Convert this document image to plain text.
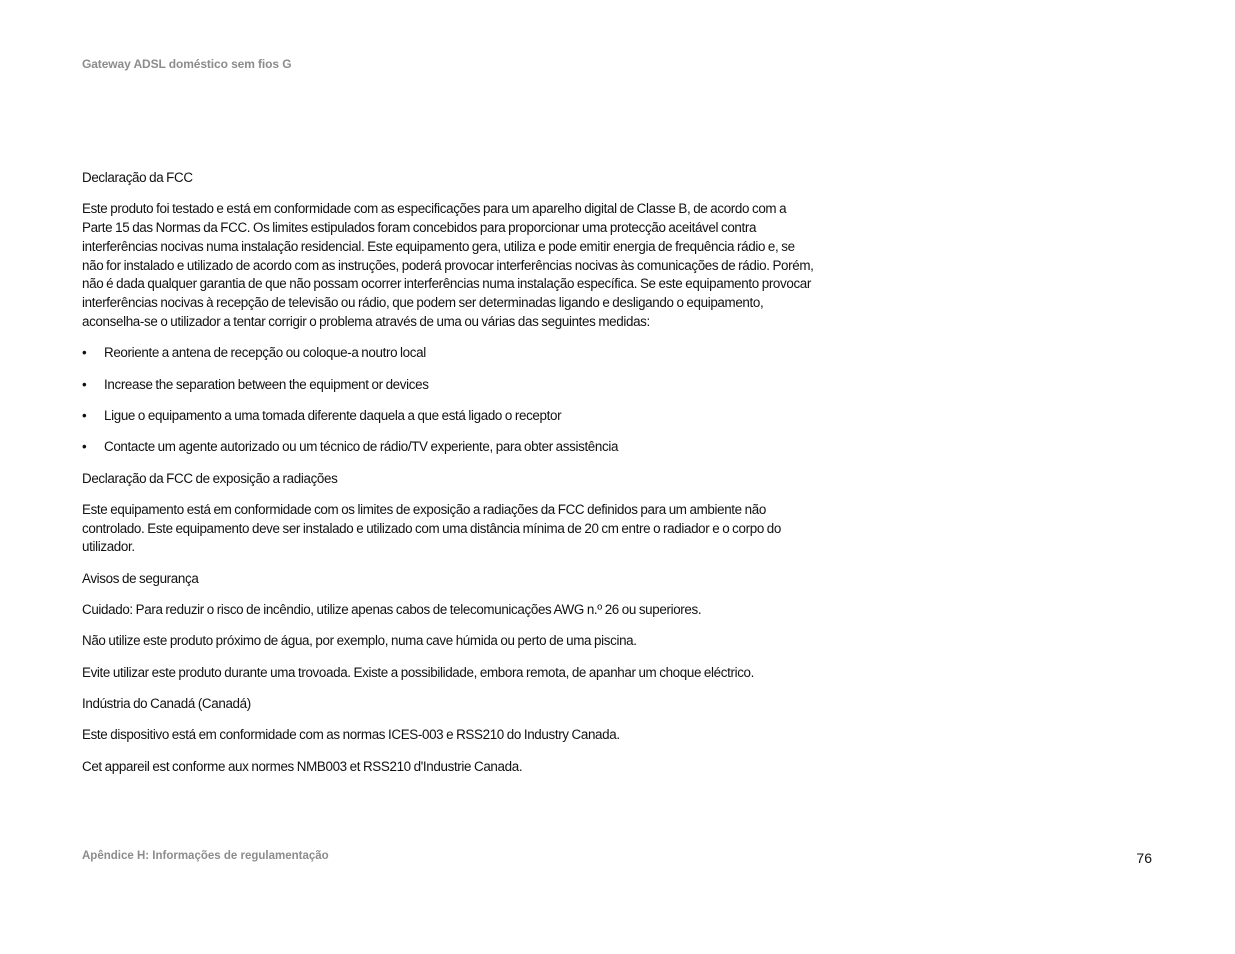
Gateway ADSL doméstico sem fios G

Declaração da FCC

Este produto foi testado e está em conformidade com as especificações para um aparelho digital de Classe B, de acordo com a Parte 15 das Normas da FCC. Os limites estipulados foram concebidos para proporcionar uma protecção aceitável contra interferências nocivas numa instalação residencial. Este equipamento gera, utiliza e pode emitir energia de frequência rádio e, se não for instalado e utilizado de acordo com as instruções, poderá provocar interferências nocivas às comunicações de rádio. Porém, não é dada qualquer garantia de que não possam ocorrer interferências numa instalação específica. Se este equipamento provocar interferências nocivas à recepção de televisão ou rádio, que podem ser determinadas ligando e desligando o equipamento, aconselha-se o utilizador a tentar corrigir o problema através de uma ou várias das seguintes medidas:

• Reoriente a antena de recepção ou coloque-a noutro local
• Increase the separation between the equipment or devices
• Ligue o equipamento a uma tomada diferente daquela a que está ligado o receptor
• Contacte um agente autorizado ou um técnico de rádio/TV experiente, para obter assistência

Declaração da FCC de exposição a radiações

Este equipamento está em conformidade com os limites de exposição a radiações da FCC definidos para um ambiente não controlado. Este equipamento deve ser instalado e utilizado com uma distância mínima de 20 cm entre o radiador e o corpo do utilizador.

Avisos de segurança

Cuidado: Para reduzir o risco de incêndio, utilize apenas cabos de telecomunicações AWG n.º 26 ou superiores.

Não utilize este produto próximo de água, por exemplo, numa cave húmida ou perto de uma piscina.

Evite utilizar este produto durante uma trovoada. Existe a possibilidade, embora remota, de apanhar um choque eléctrico.

Indústria do Canadá (Canadá)

Este dispositivo está em conformidade com as normas ICES-003 e RSS210 do Industry Canada.

Cet appareil est conforme aux normes NMB003 et RSS210 d'Industrie Canada.

Apêndice H: Informações de regulamentação	76
